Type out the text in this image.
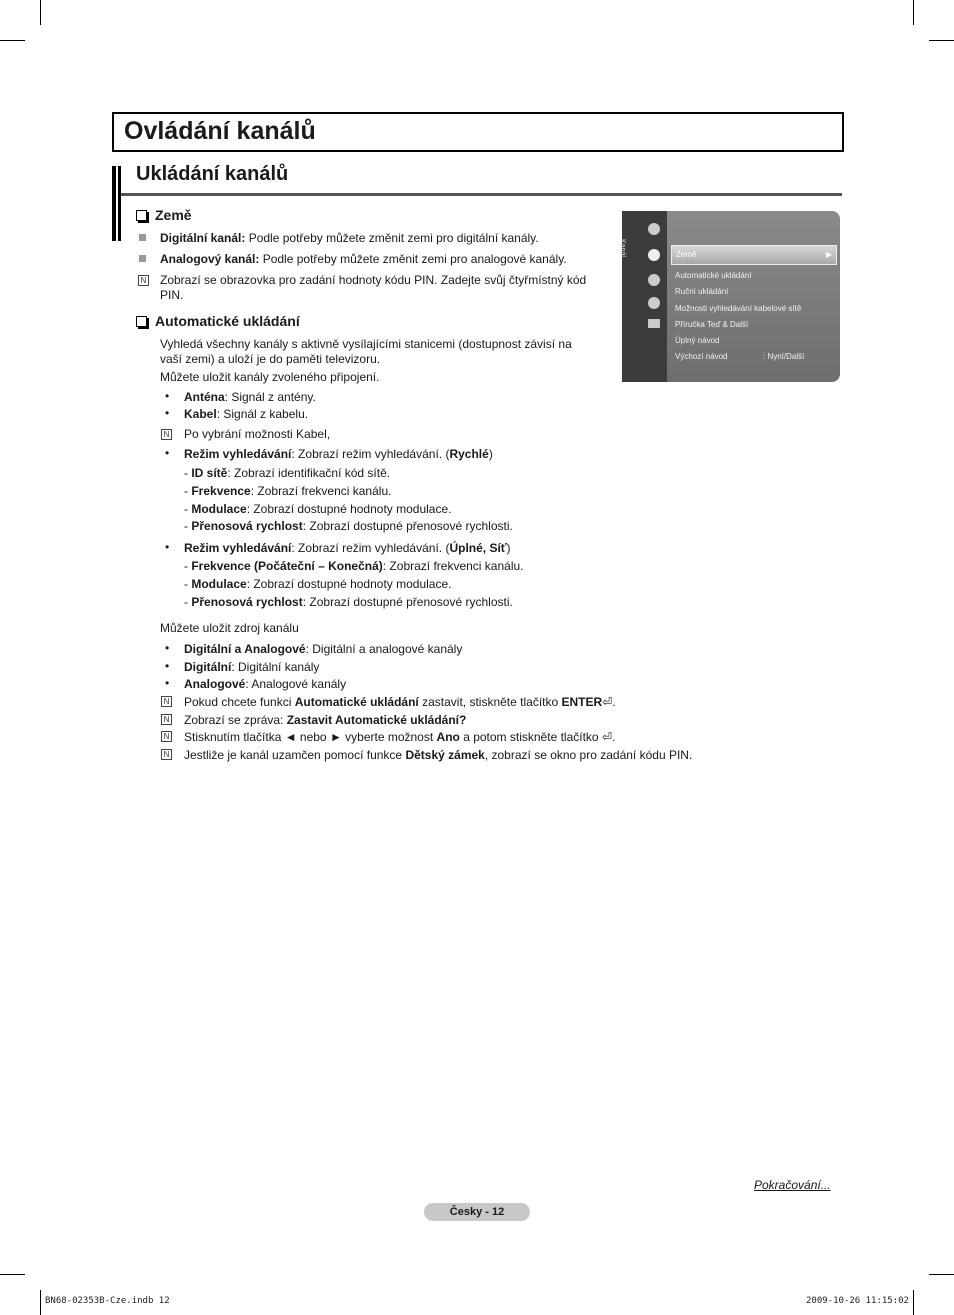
Ovládání kanálů
Ukládání kanálů
Země
Digitální kanál: Podle potřeby můžete změnit zemi pro digitální kanály.
Analogový kanál: Podle potřeby můžete změnit zemi pro analogové kanály.
N Zobrazí se obrazovka pro zadání hodnoty kódu PIN. Zadejte svůj čtyřmístný kód
PIN.
Automatické ukládání
Vyhledá všechny kanály s aktivně vysílajícími stanicemi (dostupnost závisí na
vaší zemi) a uloží je do paměti televizoru.
Můžete uložit kanály zvoleného připojení.
• Anténa: Signál z antény.
• Kabel: Signál z kabelu.
N Po vybrání možnosti Kabel,
• Režim vyhledávání: Zobrazí režim vyhledávání. (Rychlé)
- ID sítě: Zobrazí identifikační kód sítě.
- Frekvence: Zobrazí frekvenci kanálu.
- Modulace: Zobrazí dostupné hodnoty modulace.
- Přenosová rychlost: Zobrazí dostupné přenosové rychlosti.
• Režim vyhledávání: Zobrazí režim vyhledávání. (Úplné, Síť)
- Frekvence (Počáteční – Konečná): Zobrazí frekvenci kanálu.
- Modulace: Zobrazí dostupné hodnoty modulace.
- Přenosová rychlost: Zobrazí dostupné přenosové rychlosti.
Můžete uložit zdroj kanálu
• Digitální a Analogové: Digitální a analogové kanály
• Digitální: Digitální kanály
• Analogové: Analogové kanály
N Pokud chcete funkci Automatické ukládání zastavit, stiskněte tlačítko ENTER⏎.
N Zobrazí se zpráva: Zastavit Automatické ukládání?
N Stisknutím tlačítka ◄ nebo ► vyberte možnost Ano a potom stiskněte tlačítko ⏎.
N Jestliže je kanál uzamčen pomocí funkce Dětský zámek, zobrazí se okno pro zadání kódu PIN.
Kanál	Země	▶
Automatické ukládání
Ruční ukládání
Možnosti vyhledávání kabelové sítě
Příručka Teď & Další
Úplný návod
Výchozí návod	: Nyní/Další
Pokračování...
Česky - 12
BN68-02353B-Cze.indb 12	2009-10-26 11:15:02
